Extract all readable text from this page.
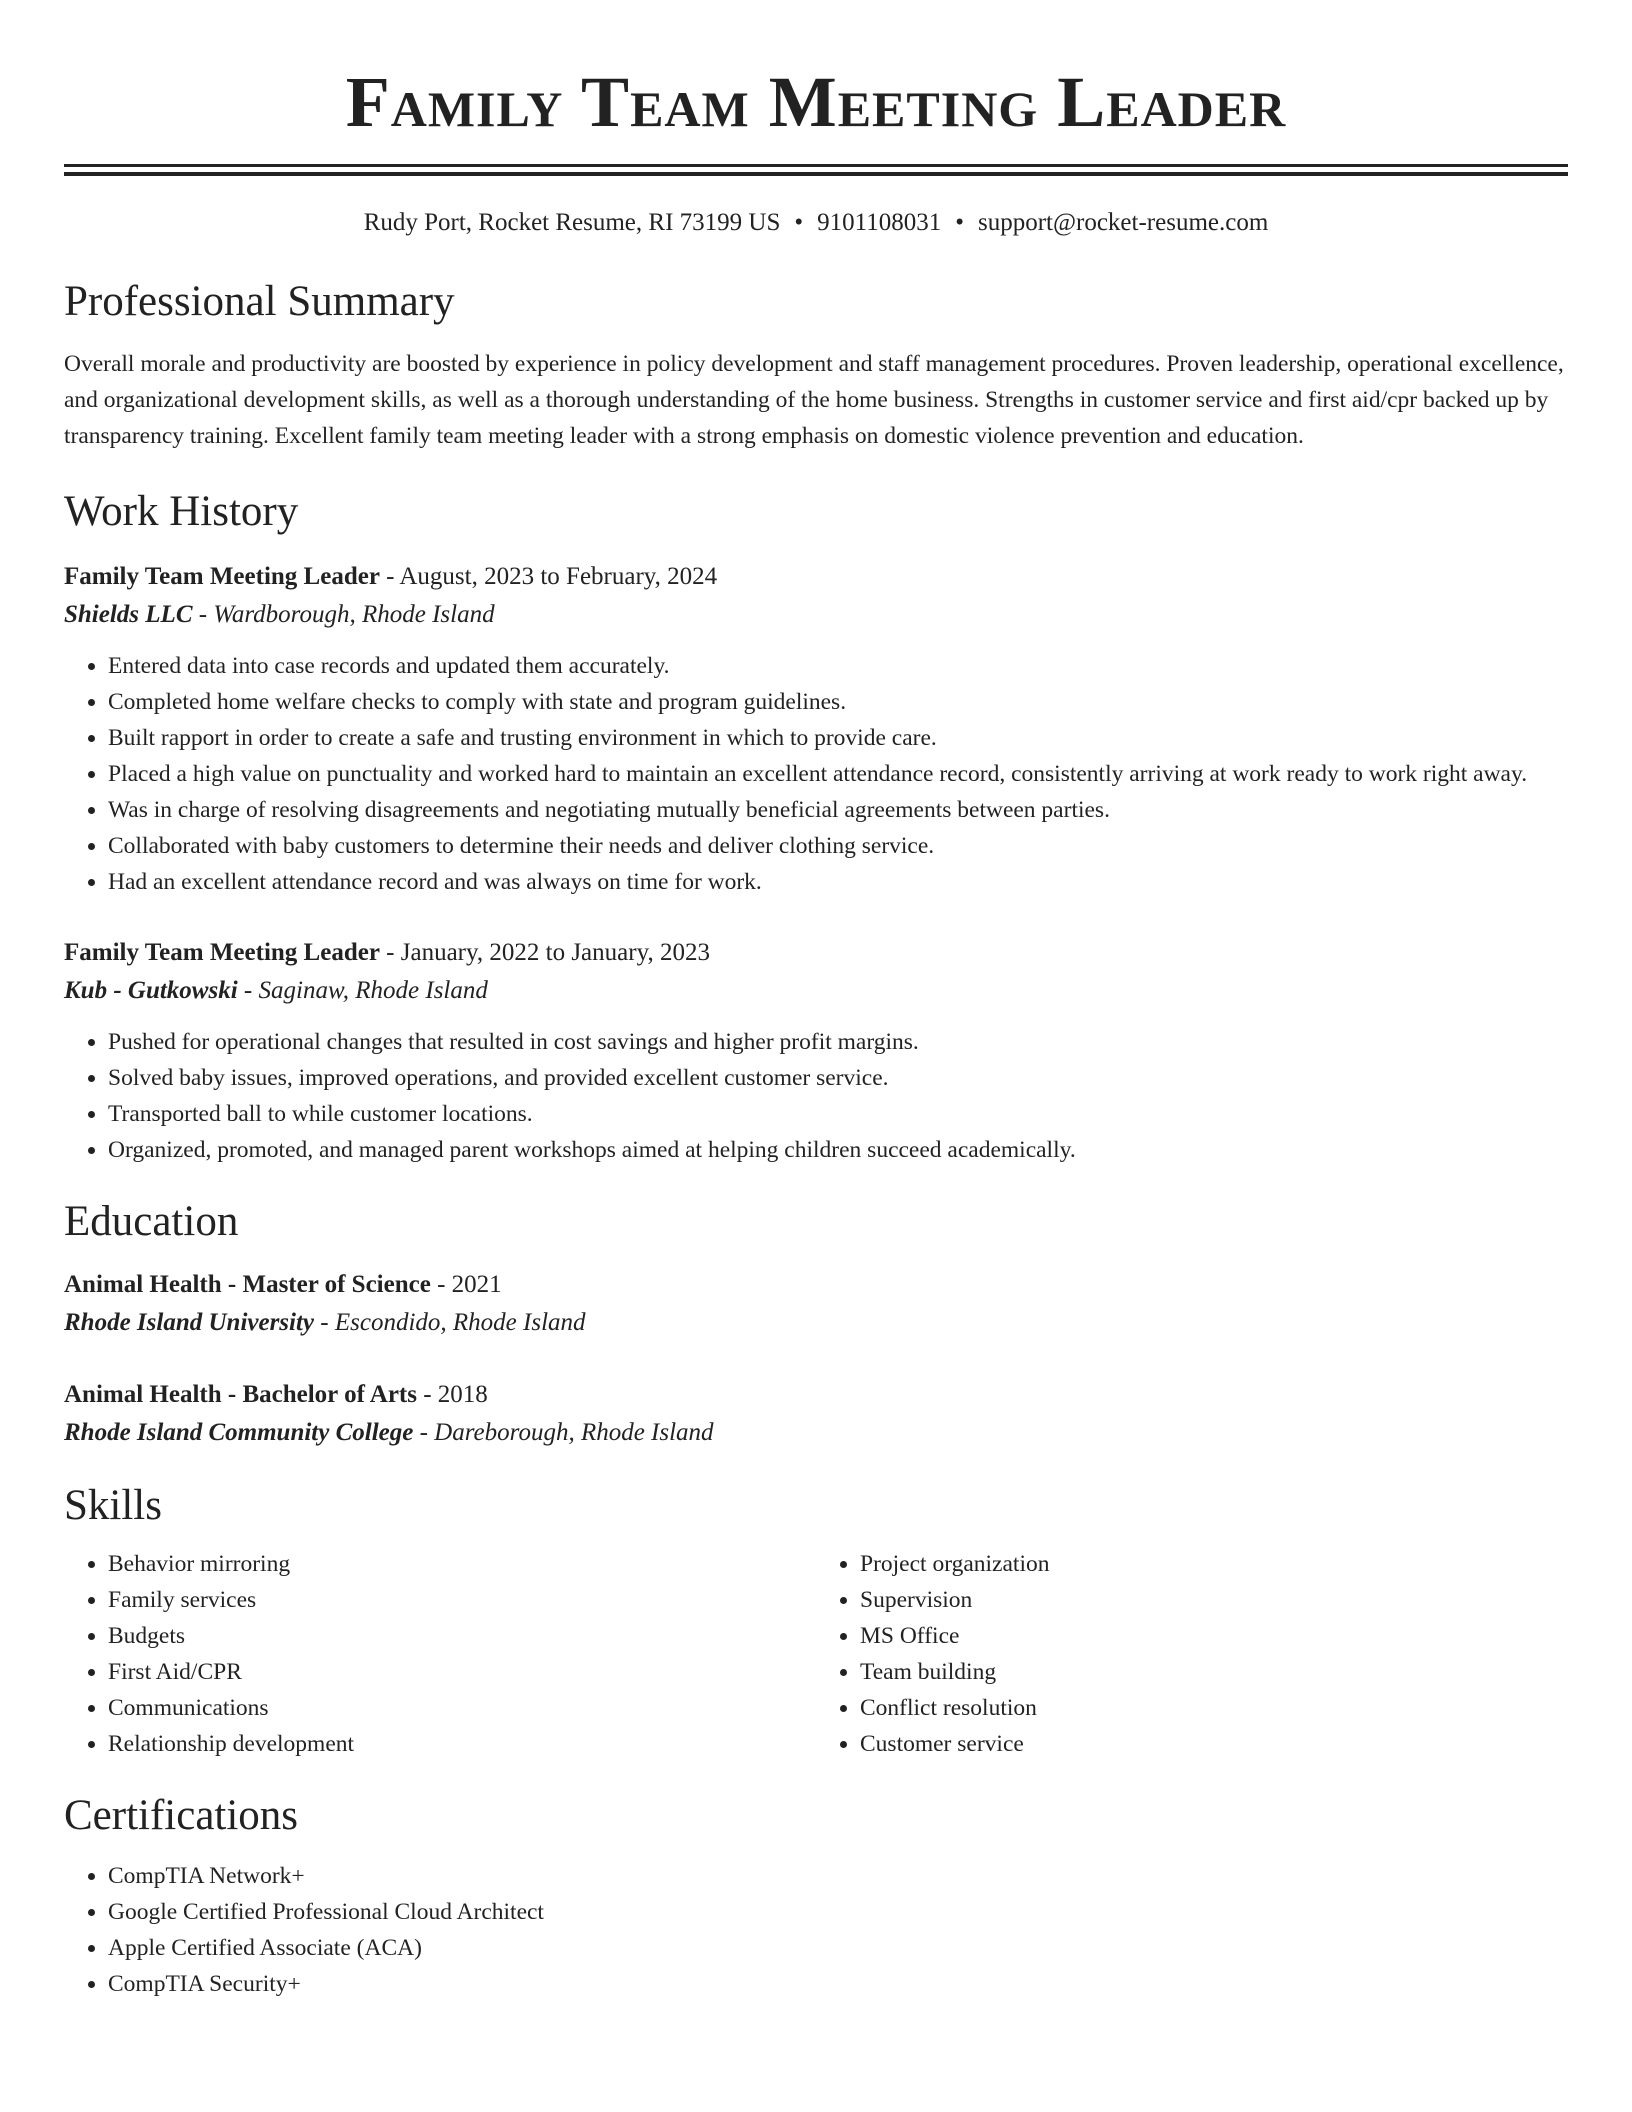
Family Team Meeting Leader
Rudy Port, Rocket Resume, RI 73199 US • 9101108031 • support@rocket-resume.com
Professional Summary
Overall morale and productivity are boosted by experience in policy development and staff management procedures. Proven leadership, operational excellence, and organizational development skills, as well as a thorough understanding of the home business. Strengths in customer service and first aid/cpr backed up by transparency training. Excellent family team meeting leader with a strong emphasis on domestic violence prevention and education.
Work History
Family Team Meeting Leader - August, 2023 to February, 2024
Shields LLC - Wardborough, Rhode Island
• Entered data into case records and updated them accurately.
• Completed home welfare checks to comply with state and program guidelines.
• Built rapport in order to create a safe and trusting environment in which to provide care.
• Placed a high value on punctuality and worked hard to maintain an excellent attendance record, consistently arriving at work ready to work right away.
• Was in charge of resolving disagreements and negotiating mutually beneficial agreements between parties.
• Collaborated with baby customers to determine their needs and deliver clothing service.
• Had an excellent attendance record and was always on time for work.
Family Team Meeting Leader - January, 2022 to January, 2023
Kub - Gutkowski - Saginaw, Rhode Island
• Pushed for operational changes that resulted in cost savings and higher profit margins.
• Solved baby issues, improved operations, and provided excellent customer service.
• Transported ball to while customer locations.
• Organized, promoted, and managed parent workshops aimed at helping children succeed academically.
Education
Animal Health - Master of Science - 2021
Rhode Island University - Escondido, Rhode Island
Animal Health - Bachelor of Arts - 2018
Rhode Island Community College - Dareborough, Rhode Island
Skills
• Behavior mirroring
• Family services
• Budgets
• First Aid/CPR
• Communications
• Relationship development
• Project organization
• Supervision
• MS Office
• Team building
• Conflict resolution
• Customer service
Certifications
• CompTIA Network+
• Google Certified Professional Cloud Architect
• Apple Certified Associate (ACA)
• CompTIA Security+
